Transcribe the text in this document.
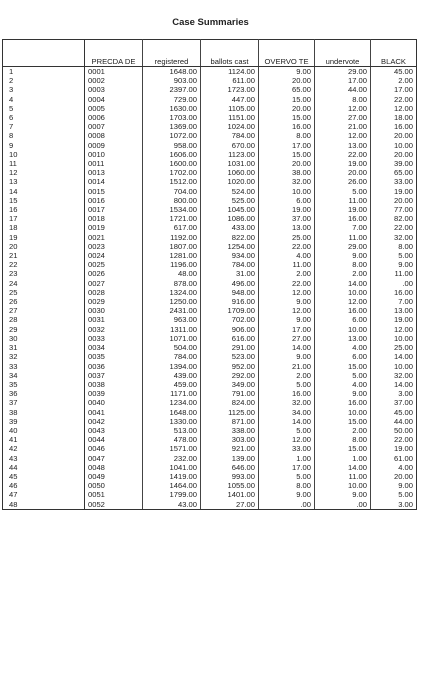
Case Summaries
	PRECDA DE	registered	ballots cast	OVERVO TE	undervote	BLACK
1	0001	1648.00	1124.00	9.00	29.00	45.00
2	0002	903.00	611.00	20.00	17.00	2.00
3	0003	2397.00	1723.00	65.00	44.00	17.00
4	0004	729.00	447.00	15.00	8.00	22.00
5	0005	1630.00	1105.00	20.00	12.00	12.00
6	0006	1703.00	1151.00	15.00	27.00	18.00
7	0007	1369.00	1024.00	16.00	21.00	16.00
8	0008	1072.00	784.00	8.00	12.00	20.00
9	0009	958.00	670.00	17.00	13.00	10.00
10	0010	1606.00	1123.00	15.00	22.00	20.00
11	0011	1600.00	1031.00	20.00	19.00	39.00
12	0013	1702.00	1060.00	38.00	20.00	65.00
13	0014	1512.00	1020.00	32.00	26.00	33.00
14	0015	704.00	524.00	10.00	5.00	19.00
15	0016	800.00	525.00	6.00	11.00	20.00
16	0017	1534.00	1045.00	19.00	19.00	77.00
17	0018	1721.00	1086.00	37.00	16.00	82.00
18	0019	617.00	433.00	13.00	7.00	22.00
19	0021	1192.00	822.00	25.00	11.00	32.00
20	0023	1807.00	1254.00	22.00	29.00	8.00
21	0024	1281.00	934.00	4.00	9.00	5.00
22	0025	1196.00	784.00	11.00	8.00	9.00
23	0026	48.00	31.00	2.00	2.00	11.00
24	0027	878.00	496.00	22.00	14.00	.00
25	0028	1324.00	948.00	12.00	10.00	16.00
26	0029	1250.00	916.00	9.00	12.00	7.00
27	0030	2431.00	1709.00	12.00	16.00	13.00
28	0031	963.00	702.00	9.00	6.00	19.00
29	0032	1311.00	906.00	17.00	10.00	12.00
30	0033	1071.00	616.00	27.00	13.00	10.00
31	0034	504.00	291.00	14.00	4.00	25.00
32	0035	784.00	523.00	9.00	6.00	14.00
33	0036	1394.00	952.00	21.00	15.00	10.00
34	0037	439.00	292.00	2.00	5.00	32.00
35	0038	459.00	349.00	5.00	4.00	14.00
36	0039	1171.00	791.00	16.00	9.00	3.00
37	0040	1234.00	824.00	32.00	16.00	37.00
38	0041	1648.00	1125.00	34.00	10.00	45.00
39	0042	1330.00	871.00	14.00	15.00	44.00
40	0043	513.00	338.00	5.00	2.00	50.00
41	0044	478.00	303.00	12.00	8.00	22.00
42	0046	1571.00	921.00	33.00	15.00	19.00
43	0047	232.00	139.00	1.00	1.00	61.00
44	0048	1041.00	646.00	17.00	14.00	4.00
45	0049	1419.00	993.00	5.00	11.00	20.00
46	0050	1464.00	1055.00	8.00	10.00	9.00
47	0051	1799.00	1401.00	9.00	9.00	5.00
48	0052	43.00	27.00	.00	.00	3.00
